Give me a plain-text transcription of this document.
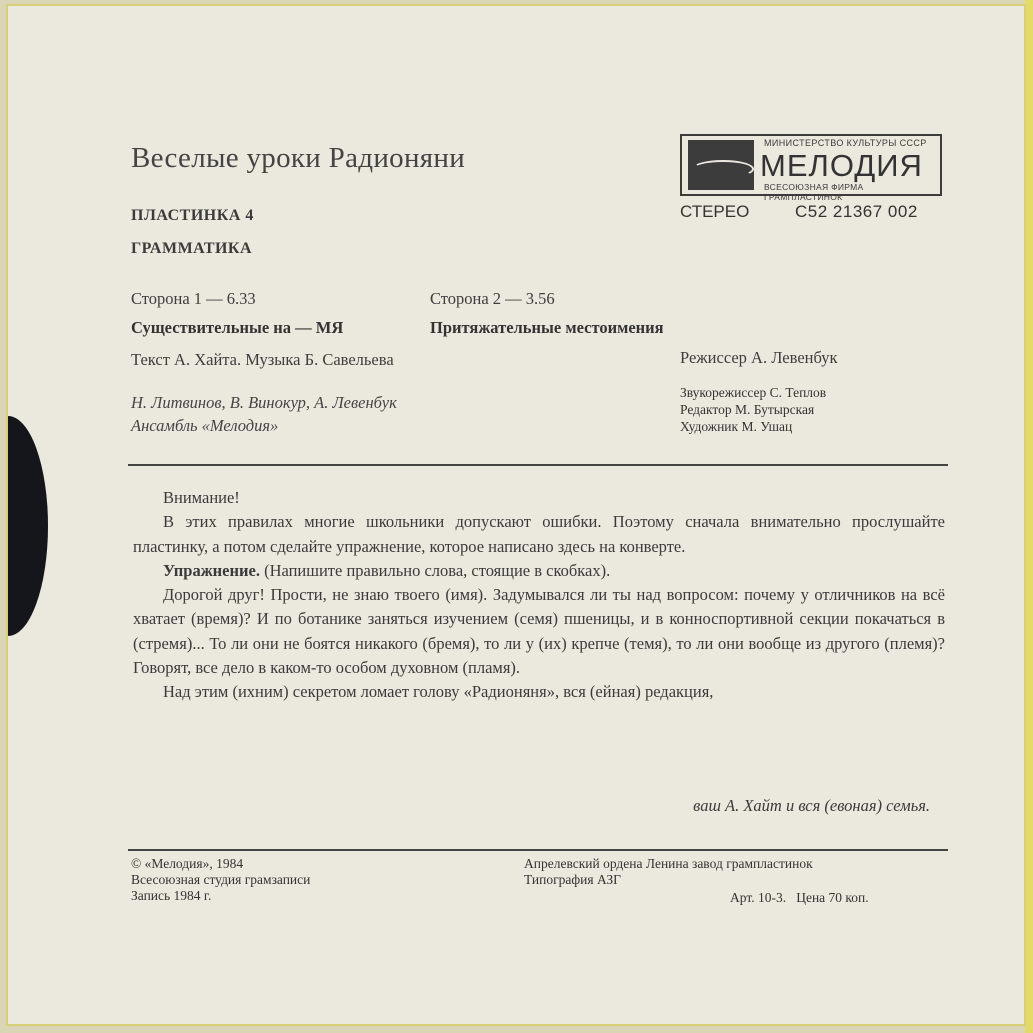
Веселые уроки Радионяни
ПЛАСТИНКА 4
ГРАММАТИКА
МИНИСТЕРСТВО КУЛЬТУРЫ СССР
МЕЛОДИЯ
ВСЕСОЮЗНАЯ ФИРМА ГРАМПЛАСТИНОК
СТЕРЕО	С52 21367 002
Сторона 1 — 6.33
Существительные на — МЯ
Сторона 2 — 3.56
Притяжательные местоимения
Текст А. Хайта. Музыка Б. Савельева
Н. Литвинов, В. Винокур, А. Левенбук
Ансамбль «Мелодия»
Режиссер А. Левенбук
Звукорежиссер С. Теплов
Редактор М. Бутырская
Художник М. Ушац

Внимание!

В этих правилах многие школьники допускают ошибки. Поэтому сначала внимательно прослушайте пластинку, а потом сделайте упражнение, которое написано здесь на конверте.

Упражнение. (Напишите правильно слова, стоящие в скобках).

Дорогой друг! Прости, не знаю твоего (имя). Задумывался ли ты над вопросом: почему у отличников на всё хватает (время)? И по ботанике заняться изучением (семя) пшеницы, и в конноспортивной секции покачаться в (стремя)... То ли они не боятся никакого (бремя), то ли у (их) крепче (темя), то ли они вообще из другого (племя)? Говорят, все дело в каком-то особом духовном (пламя).

Над этим (ихним) секретом ломает голову «Радионяня», вся (ейная) редакция,

ваш А. Хайт и вся (евоная) семья.
© «Мелодия», 1984
Всесоюзная студия грамзаписи
Запись 1984 г.
Апрелевский ордена Ленина завод грампластинок
Типография АЗГ
Арт. 10-3.   Цена 70 коп.
